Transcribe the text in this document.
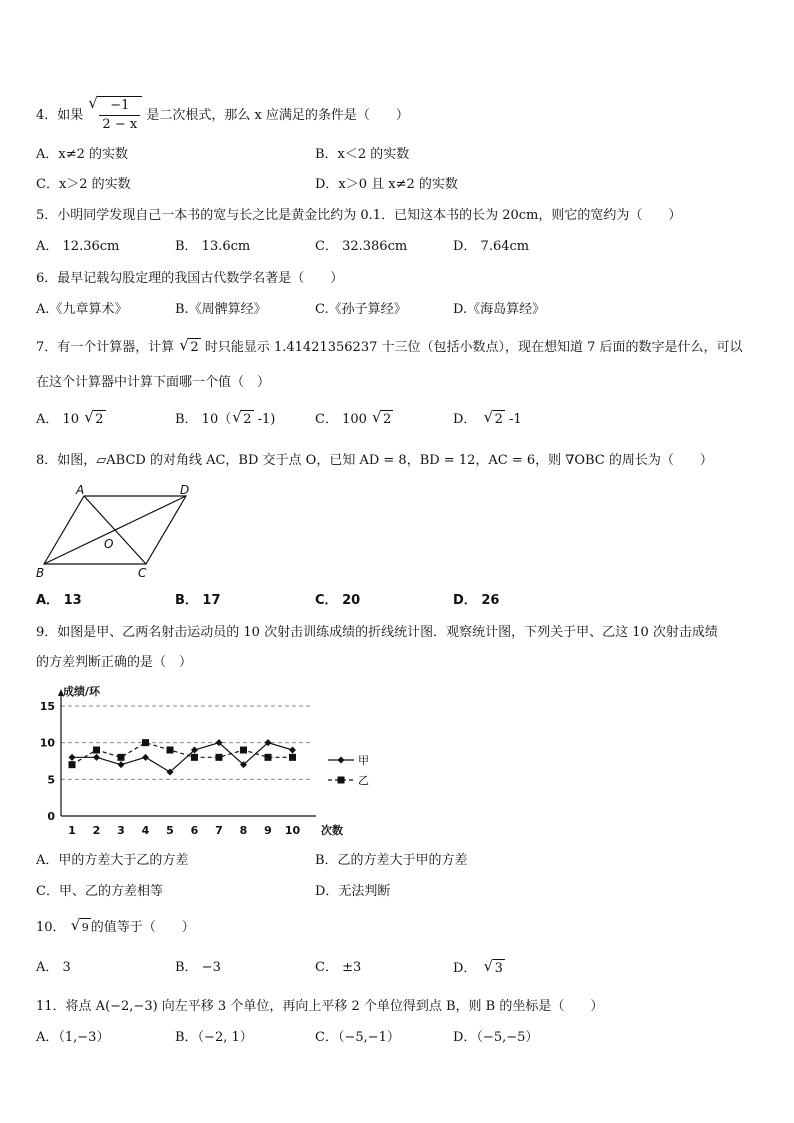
4．如果 √ $\frac{-1}{2 - x}$ 是二次根式，那么 x 应满足的条件是（　　）
A．x≠2 的实数	B．x＜2 的实数
C．x＞2 的实数	D．x＞0 且 x≠2 的实数
5．小明同学发现自己一本书的宽与长之比是黄金比约为 0.1．已知这本书的长为 20cm，则它的宽约为（　　）
A． 12.36cm	B． 13.6cm	C． 32.386cm	D． 7.64cm
6．最早记载勾股定理的我国古代数学名著是（　　）
A.《九章算术》	B.《周髀算经》	C.《孙子算经》	D.《海岛算经》
7．有一个计算器，计算 √ 2 时只能显示 1.41421356237 十三位（包括小数点），现在想知道 7 后面的数字是什么，可以
在这个计算器中计算下面哪一个值（　）
A． 10 √ 2	B． 10（ √ 2 -1)	C． 100 √ 2	D． √ 2 -1
8．如图，▱ABCD 的对角线 AC，BD 交于点 O，已知 AD = 8，BD = 12，AC = 6，则 ∇OBC 的周长为（　　）
A	D
B	C
O
A． 13	B． 17	C． 20	D． 26
9．如图是甲、乙两名射击运动员的 10 次射击训练成绩的折线统计图．观察统计图，下列关于甲、乙这 10 次射击成绩
的方差判断正确的是（　）
0
5
10
15
1 2 3 4 5 6 7 8 9 10
成绩/环
次数
甲
乙
A．甲的方差大于乙的方差	B．乙的方差大于甲的方差
C．甲、乙的方差相等	D．无法判断
10． √ 9 的值等于（　　）
A． 3	B． −3	C． ±3	D． √ 3
11．将点 A(−2,−3) 向左平移 3 个单位，再向上平移 2 个单位得到点 B，则 B 的坐标是（　　）
A．（1,−3）	B．（−2, 1）	C．（−5,−1）	D．（−5,−5）
